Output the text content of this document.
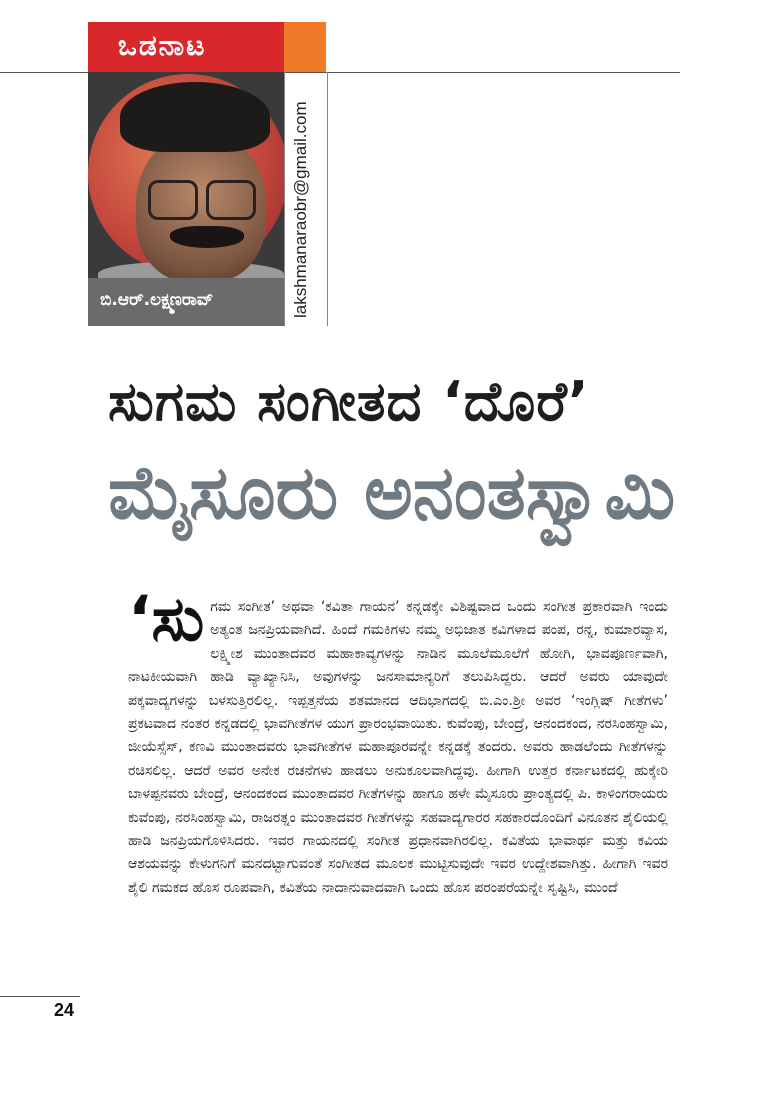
ಒಡನಾಟ
ಬಿ.ಆರ್.ಲಕ್ಷ್ಮಣರಾವ್	lakshmanaraobr@gmail.com
ಸುಗಮ ಸಂಗೀತದ ‘ದೊರೆ’
ಮೈಸೂರು ಅನಂತಸ್ವಾಮಿ
‘ಸು ಗಮ ಸಂಗೀತ’ ಅಥವಾ ‘ಕವಿತಾ ಗಾಯನ’ ಕನ್ನಡಕ್ಕೇ ವಿಶಿಷ್ಟವಾದ ಒಂದು ಸಂಗೀತ ಪ್ರಕಾರವಾಗಿ ಇಂದು ಅತ್ಯಂತ ಜನಪ್ರಿಯವಾಗಿದೆ. ಹಿಂದೆ ಗಮಕಿಗಳು ನಮ್ಮ ಅಭಿಜಾತ ಕವಿಗಳಾದ ಪಂಪ, ರನ್ನ, ಕುಮಾರವ್ಯಾಸ, ಲಕ್ಷ್ಮೀಶ ಮುಂತಾದವರ ಮಹಾಕಾವ್ಯಗಳನ್ನು ನಾಡಿನ ಮೂಲೆಮೂಲೆಗೆ ಹೋಗಿ, ಭಾವಪೂರ್ಣವಾಗಿ, ನಾಟಕೀಯವಾಗಿ ಹಾಡಿ ವ್ಯಾಖ್ಯಾನಿಸಿ, ಅವುಗಳನ್ನು ಜನಸಾಮಾನ್ಯರಿಗೆ ತಲುಪಿಸಿದ್ದರು. ಆದರೆ ಅವರು ಯಾವುದೇ ಪಕ್ಕವಾದ್ಯಗಳನ್ನು ಬಳಸುತ್ತಿರಲಿಲ್ಲ. ಇಪ್ಪತ್ತನೆಯ ಶತಮಾನದ ಆದಿಭಾಗದಲ್ಲಿ ಬಿ.ಎಂ.ಶ್ರೀ ಅವರ ‘ಇಂಗ್ಲಿಷ್ ಗೀತೆಗಳು’ ಪ್ರಕಟವಾದ ನಂತರ ಕನ್ನಡದಲ್ಲಿ ಭಾವಗೀತೆಗಳ ಯುಗ ಪ್ರಾರಂಭವಾಯಿತು. ಕುವೆಂಪು, ಬೇಂದ್ರೆ, ಆನಂದಕಂದ, ನರಸಿಂಹಸ್ವಾಮಿ, ಜೀಯೆಸ್ಸೆಸ್, ಕಣವಿ ಮುಂತಾದವರು ಭಾವಗೀತೆಗಳ ಮಹಾಪೂರವನ್ನೇ ಕನ್ನಡಕ್ಕೆ ತಂದರು. ಅವರು ಹಾಡಲೆಂದು ಗೀತೆಗಳನ್ನು ರಚಿಸಲಿಲ್ಲ. ಆದರೆ ಅವರ ಅನೇಕ ರಚನೆಗಳು ಹಾಡಲು ಅನುಕೂಲವಾಗಿದ್ದವು. ಹೀಗಾಗಿ ಉತ್ತರ ಕರ್ನಾಟಕದಲ್ಲಿ ಹುಕ್ಕೇರಿ ಬಾಳಪ್ಪನವರು ಬೇಂದ್ರೆ, ಆನಂದಕಂದ ಮುಂತಾದವರ ಗೀತೆಗಳನ್ನು ಹಾಗೂ ಹಳೇ ಮೈಸೂರು ಪ್ರಾಂತ್ಯದಲ್ಲಿ ಪಿ. ಕಾಳಿಂಗರಾಯರು ಕುವೆಂಪು, ನರಸಿಂಹಸ್ವಾಮಿ, ರಾಜರತ್ನಂ ಮುಂತಾದವರ ಗೀತೆಗಳನ್ನು ಸಹವಾದ್ಯಗಾರರ ಸಹಕಾರದೊಂದಿಗೆ ವಿನೂತನ ಶೈಲಿಯಲ್ಲಿ ಹಾಡಿ ಜನಪ್ರಿಯಗೊಳಿಸಿದರು. ಇವರ ಗಾಯನದಲ್ಲಿ ಸಂಗೀತ ಪ್ರಧಾನವಾಗಿರಲಿಲ್ಲ. ಕವಿತೆಯ ಭಾವಾರ್ಥ ಮತ್ತು ಕವಿಯ ಆಶಯವನ್ನು ಕೇಳುಗನಿಗೆ ಮನದಟ್ಟಾಗುವಂತೆ ಸಂಗೀತದ ಮೂಲಕ ಮುಟ್ಟಿಸುವುದೇ ಇವರ ಉದ್ದೇಶವಾಗಿತ್ತು. ಹೀಗಾಗಿ ಇವರ ಶೈಲಿ ಗಮಕದ ಹೊಸ ರೂಪವಾಗಿ, ಕವಿತೆಯ ನಾದಾನುವಾದವಾಗಿ ಒಂದು ಹೊಸ ಪರಂಪರೆಯನ್ನೇ ಸೃಷ್ಟಿಸಿ, ಮುಂದೆ

24
